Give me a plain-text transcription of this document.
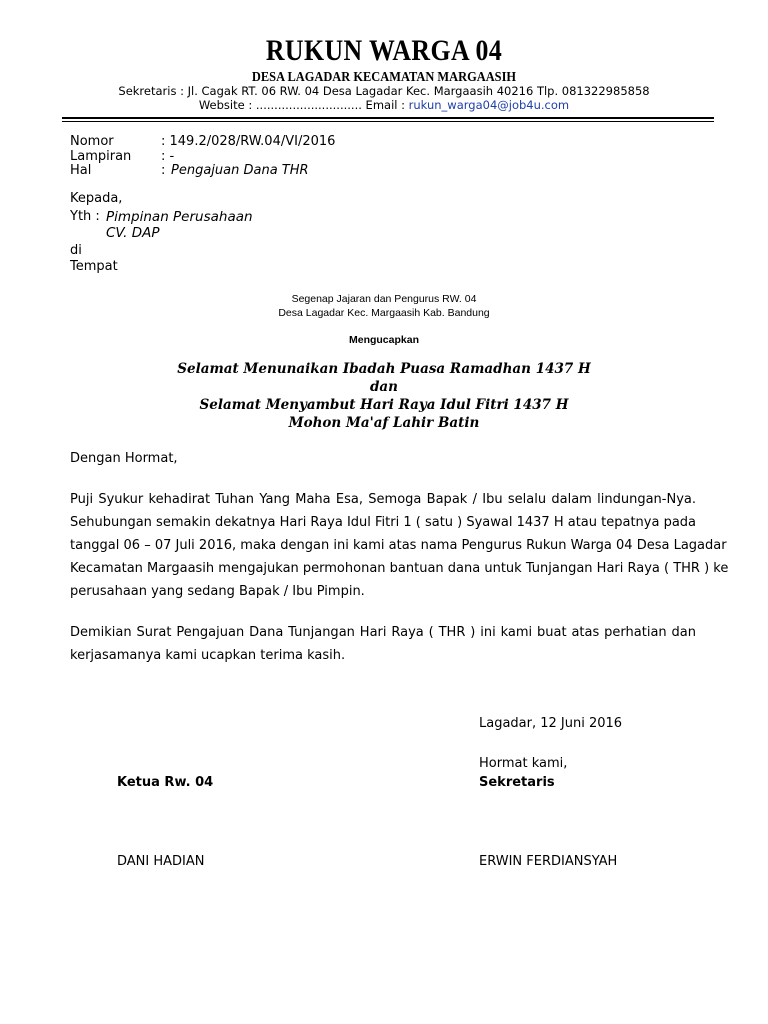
RUKUN WARGA 04
DESA LAGADAR KECAMATAN MARGAASIH
Sekretaris : Jl. Cagak RT. 06 RW. 04 Desa Lagadar Kec. Margaasih 40216 Tlp. 081322985858
Website : ............................. Email : rukun_warga04@job4u.com
Nomor	: 149.2/028/RW.04/VI/2016
Lampiran : -
Hal	: Pengajuan Dana THR
Kepada,
Yth : Pimpinan Perusahaan
CV. DAP
di
Tempat
Segenap Jajaran dan Pengurus RW. 04
Desa Lagadar Kec. Margaasih Kab. Bandung
Mengucapkan
Selamat Menunaikan Ibadah Puasa Ramadhan 1437 H
dan
Selamat Menyambut Hari Raya Idul Fitri 1437 H
Mohon Ma'af Lahir Batin
Dengan Hormat,
Puji Syukur kehadirat Tuhan Yang Maha Esa, Semoga Bapak / Ibu selalu dalam lindungan-Nya.
Sehubungan semakin dekatnya Hari Raya Idul Fitri 1 ( satu ) Syawal 1437 H atau tepatnya pada
tanggal 06 – 07 Juli 2016, maka dengan ini kami atas nama Pengurus Rukun Warga 04 Desa Lagadar
Kecamatan Margaasih mengajukan permohonan bantuan dana untuk Tunjangan Hari Raya ( THR ) ke
perusahaan yang sedang Bapak / Ibu Pimpin.
Demikian Surat Pengajuan Dana Tunjangan Hari Raya ( THR ) ini kami buat atas perhatian dan
kerjasamanya kami ucapkan terima kasih.
Lagadar, 12 Juni 2016
Hormat kami,
Ketua Rw. 04	Sekretaris
DANI HADIAN	ERWIN FERDIANSYAH
